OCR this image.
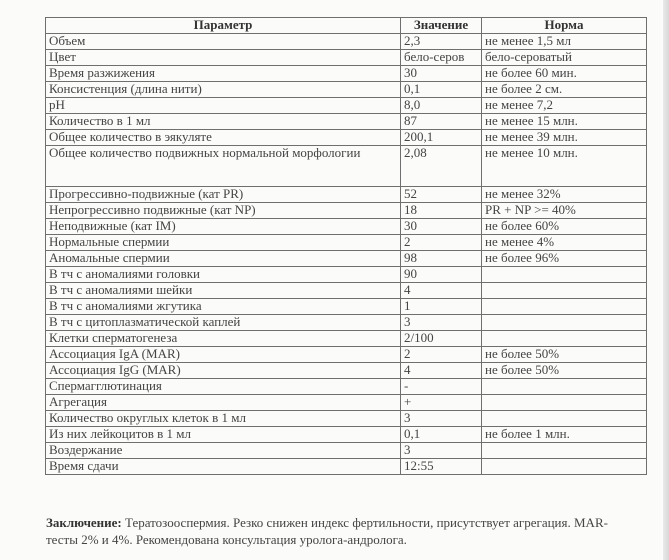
Параметр	Значение	Норма
Объем	2,3	не менее 1,5 мл
Цвет	бело-серов	бело-сероватый
Время разжижения	30	не более 60 мин.
Консистенция (длина нити)	0,1	не более 2 см.
pH	8,0	не менее 7,2
Количество в 1 мл	87	не менее 15 млн.
Общее количество в эякуляте	200,1	не менее 39 млн.
Общее количество подвижных нормальной морфологии	2,08	не менее 10 млн.
Прогрессивно-подвижные (кат PR)	52	не менее 32%
Непрогрессивно подвижные (кат NP)	18	PR + NP >= 40%
Неподвижные (кат IM)	30	не более 60%
Нормальные спермии	2	не менее 4%
Аномальные спермии	98	не более 96%
В тч с аномалиями головки	90	
В тч с аномалиями шейки	4	
В тч с аномалиями жгутика	1	
В тч с цитоплазматической каплей	3	
Клетки сперматогенеза	2/100	
Ассоциация IgA (MAR)	2	не более 50%
Ассоциация IgG (MAR)	4	не более 50%
Спермагглютинация	-	
Агрегация	+	
Количество округлых клеток в 1 мл	3	
Из них лейкоцитов в 1 мл	0,1	не более 1 млн.
Воздержание	3	
Время сдачи	12:55	
Заключение: Тератозооспермия. Резко снижен индекс фертильности, присутствует агрегация. MAR-тесты 2% и 4%. Рекомендована консультация уролога-андролога.
